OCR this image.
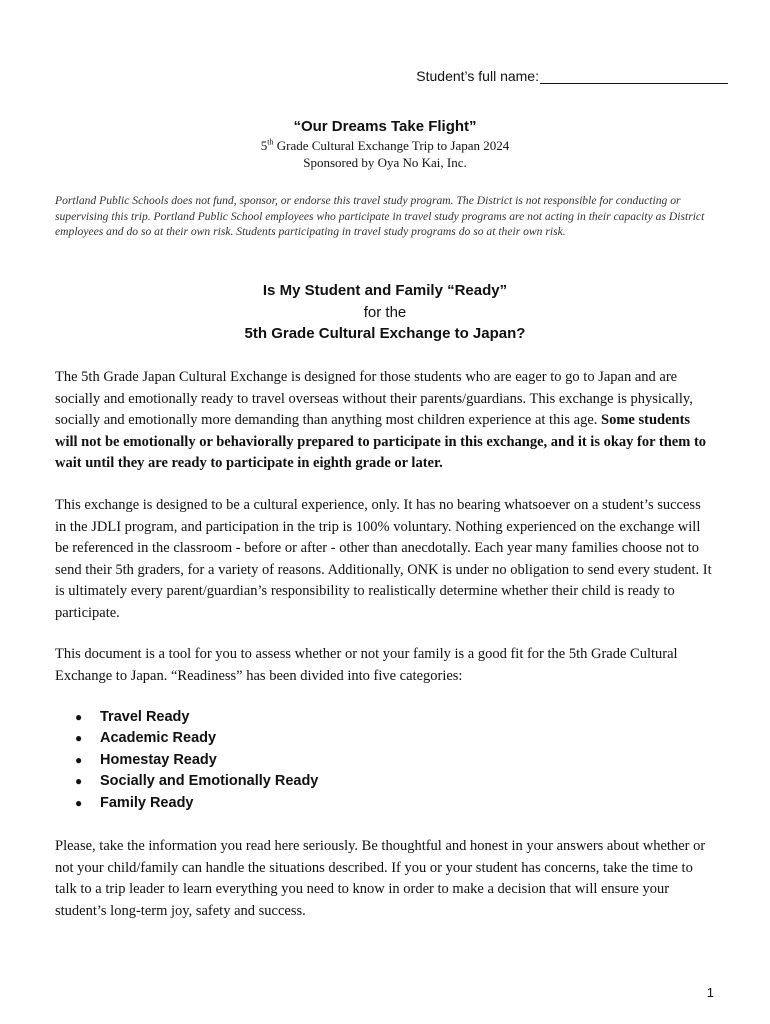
Student’s full name:
“Our Dreams Take Flight”
5th Grade Cultural Exchange Trip to Japan 2024
Sponsored by Oya No Kai, Inc.
Portland Public Schools does not fund, sponsor, or endorse this travel study program. The District is not responsible for conducting or supervising this trip. Portland Public School employees who participate in travel study programs are not acting in their capacity as District employees and do so at their own risk. Students participating in travel study programs do so at their own risk.
Is My Student and Family “Ready”
for the
5th Grade Cultural Exchange to Japan?
The 5th Grade Japan Cultural Exchange is designed for those students who are eager to go to Japan and are socially and emotionally ready to travel overseas without their parents/guardians. This exchange is physically, socially and emotionally more demanding than anything most children experience at this age. Some students will not be emotionally or behaviorally prepared to participate in this exchange, and it is okay for them to wait until they are ready to participate in eighth grade or later.
This exchange is designed to be a cultural experience, only. It has no bearing whatsoever on a student’s success in the JDLI program, and participation in the trip is 100% voluntary. Nothing experienced on the exchange will be referenced in the classroom - before or after - other than anecdotally. Each year many families choose not to send their 5th graders, for a variety of reasons. Additionally, ONK is under no obligation to send every student. It is ultimately every parent/guardian’s responsibility to realistically determine whether their child is ready to participate.
This document is a tool for you to assess whether or not your family is a good fit for the 5th Grade Cultural Exchange to Japan. “Readiness” has been divided into five categories:
●	Travel Ready
●	Academic Ready
●	Homestay Ready
●	Socially and Emotionally Ready
●	Family Ready
Please, take the information you read here seriously. Be thoughtful and honest in your answers about whether or not your child/family can handle the situations described. If you or your student has concerns, take the time to talk to a trip leader to learn everything you need to know in order to make a decision that will ensure your student’s long-term joy, safety and success.
1
